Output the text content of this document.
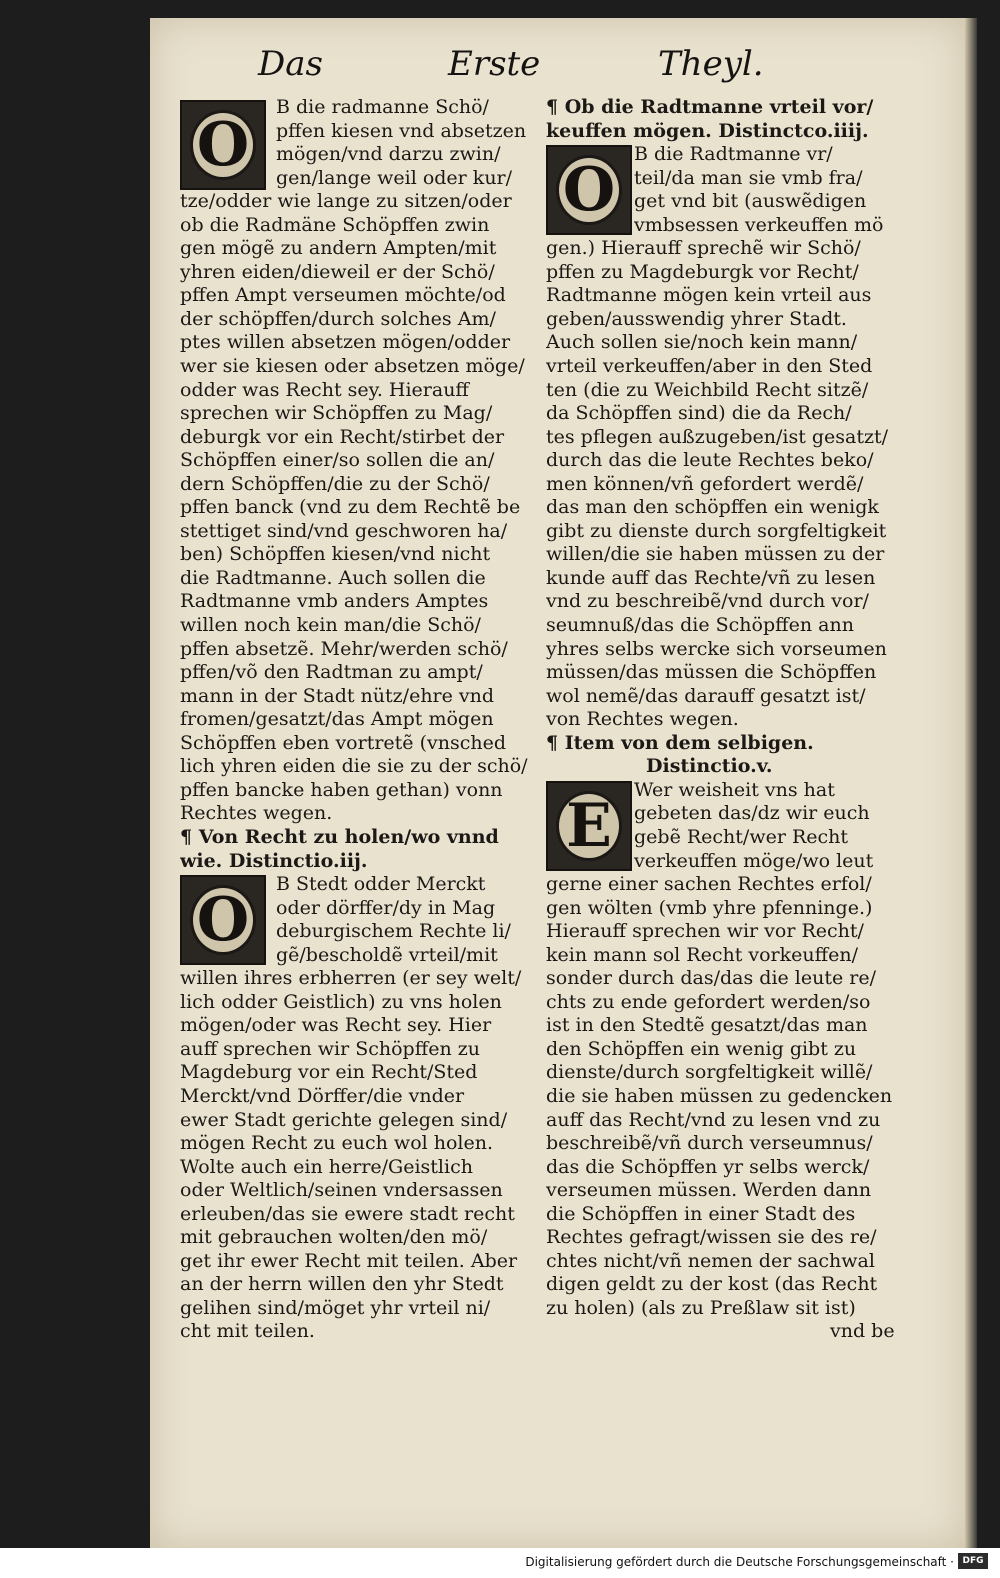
Das	Erste	Theyl.
O
B die radmanne Schö/
pffen kiesen vnd absetzen
mögen/vnd darzu zwin/
gen/lange weil oder kur/
tze/odder wie lange zu sitzen/oder
ob die Radmäne Schöpffen zwin
gen mögẽ zu andern Ampten/mit
yhren eiden/dieweil er der Schö/
pffen Ampt verseumen möchte/od
der schöpffen/durch solches Am/
ptes willen absetzen mögen/odder
wer sie kiesen oder absetzen möge/
odder was Recht sey. Hierauff
sprechen wir Schöpffen zu Mag/
deburgk vor ein Recht/stirbet der
Schöpffen einer/so sollen die an/
dern Schöpffen/die zu der Schö/
pffen banck (vnd zu dem Rechtẽ be
stettiget sind/vnd geschworen ha/
ben) Schöpffen kiesen/vnd nicht
die Radtmanne. Auch sollen die
Radtmanne vmb anders Amptes
willen noch kein man/die Schö/
pffen absetzẽ. Mehr/werden schö/
pffen/võ den Radtman zu ampt/
mann in der Stadt nütz/ehre vnd
fromen/gesatzt/das Ampt mögen
Schöpffen eben vortretẽ (vnsched
lich yhren eiden die sie zu der schö/
pffen bancke haben gethan) vonn
Rechtes wegen.
¶ Von Recht zu holen/wo vnnd
wie. Distinctio.iij.
O
B Stedt odder Merckt
oder dörffer/dy in Mag
deburgischem Rechte li/
gẽ/bescholdẽ vrteil/mit
willen ihres erbherren (er sey welt/
lich odder Geistlich) zu vns holen
mögen/oder was Recht sey. Hier
auff sprechen wir Schöpffen zu
Magdeburg vor ein Recht/Sted
Merckt/vnd Dörffer/die vnder
ewer Stadt gerichte gelegen sind/
mögen Recht zu euch wol holen.
Wolte auch ein herre/Geistlich
oder Weltlich/seinen vndersassen
erleuben/das sie ewere stadt recht
mit gebrauchen wolten/den mö/
get ihr ewer Recht mit teilen. Aber
an der herrn willen den yhr Stedt
gelihen sind/möget yhr vrteil ni/
cht mit teilen.
¶ Ob die Radtmanne vrteil vor/
keuffen mögen. Distinctco.iiij.
O
B die Radtmanne vr/
teil/da man sie vmb fra/
get vnd bit (auswẽdigen
vmbsessen verkeuffen mö
gen.) Hierauff sprechẽ wir Schö/
pffen zu Magdeburgk vor Recht/
Radtmanne mögen kein vrteil aus
geben/ausswendig yhrer Stadt.
Auch sollen sie/noch kein mann/
vrteil verkeuffen/aber in den Sted
ten (die zu Weichbild Recht sitzẽ/
da Schöpffen sind) die da Rech/
tes pflegen außzugeben/ist gesatzt/
durch das die leute Rechtes beko/
men können/vñ gefordert werdẽ/
das man den schöpffen ein wenigk
gibt zu dienste durch sorgfeltigkeit
willen/die sie haben müssen zu der
kunde auff das Rechte/vñ zu lesen
vnd zu beschreibẽ/vnd durch vor/
seumnuß/das die Schöpffen ann
yhres selbs wercke sich vorseumen
müssen/das müssen die Schöpffen
wol nemẽ/das darauff gesatzt ist/
von Rechtes wegen.
¶ Item von dem selbigen.
Distinctio.v.
E
Wer weisheit vns hat
gebeten das/dz wir euch
gebẽ Recht/wer Recht
verkeuffen möge/wo leut
gerne einer sachen Rechtes erfol/
gen wölten (vmb yhre pfenninge.)
Hierauff sprechen wir vor Recht/
kein mann sol Recht vorkeuffen/
sonder durch das/das die leute re/
chts zu ende gefordert werden/so
ist in den Stedtẽ gesatzt/das man
den Schöpffen ein wenig gibt zu
dienste/durch sorgfeltigkeit willẽ/
die sie haben müssen zu gedencken
auff das Recht/vnd zu lesen vnd zu
beschreibẽ/vñ durch verseumnus/
das die Schöpffen yr selbs werck/
verseumen müssen. Werden dann
die Schöpffen in einer Stadt des
Rechtes gefragt/wissen sie des re/
chtes nicht/vñ nemen der sachwal
digen geldt zu der kost (das Recht
zu holen) (als zu Preßlaw sit ist)
vnd be
Digitalisierung gefördert durch die Deutsche Forschungsgemeinschaft · DFG
